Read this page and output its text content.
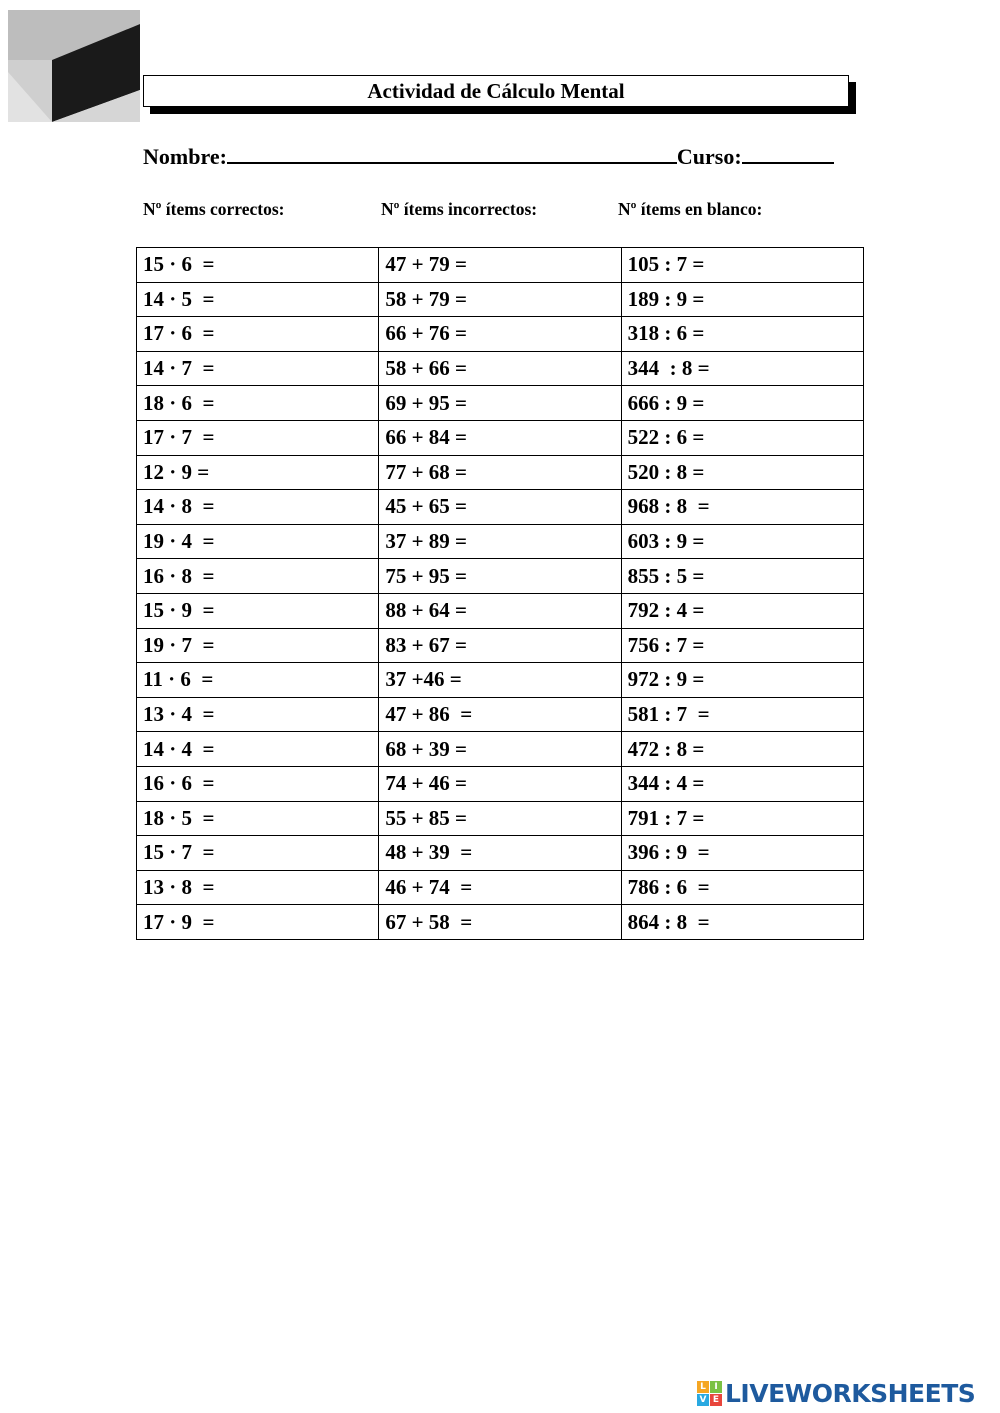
Actividad de Cálculo Mental
Nombre:	Curso:
Nº ítems correctos:	Nº ítems incorrectos:	Nº ítems en blanco:
15 · 6  =	47 + 79 =	105 : 7 =
14 · 5  =	58 + 79 =	189 : 9 =
17 · 6  =	66 + 76 =	318 : 6 =
14 · 7  =	58 + 66 =	344  : 8 =
18 · 6  =	69 + 95 =	666 : 9 =
17 · 7  =	66 + 84 =	522 : 6 =
12 · 9 =	77 + 68 =	520 : 8 =
14 · 8  =	45 + 65 =	968 : 8  =
19 · 4  =	37 + 89 =	603 : 9 =
16 · 8  =	75 + 95 =	855 : 5 =
15 · 9  =	88 + 64 =	792 : 4 =
19 · 7  =	83 + 67 =	756 : 7 =
11 · 6  =	37 +46 =	972 : 9 =
13 · 4  =	47 + 86  =	581 : 7  =
14 · 4  =	68 + 39 =	472 : 8 =
16 · 6  =	74 + 46 =	344 : 4 =
18 · 5  =	55 + 85 =	791 : 7 =
15 · 7  =	48 + 39  =	396 : 9  =
13 · 8  =	46 + 74  =	786 : 6  =
17 · 9  =	67 + 58  =	864 : 8  =
L I
V E LIVEWORKSHEETS
